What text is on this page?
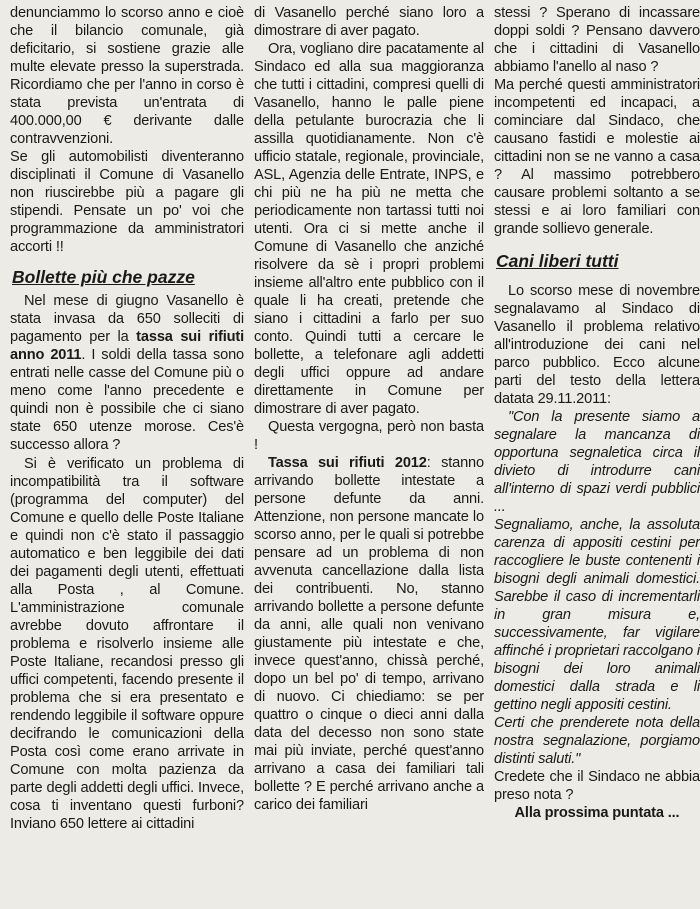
denunciammo lo scorso anno e cioè che il bilancio comunale, già deficitario, si sostiene grazie alle multe elevate presso la superstrada. Ricordiamo che per l'anno in corso è stata prevista un'entrata di 400.000,00 € derivante dalle contravvenzioni.

Se gli automobilisti diventeranno disciplinati il Comune di Vasanello non riuscirebbe più a pagare gli stipendi. Pensate un po' voi che programmazione da amministratori accorti !!

Bollette più che pazze

Nel mese di giugno Vasanello è stata invasa da 650 solleciti di pagamento per la tassa sui rifiuti anno 2011. I soldi della tassa sono entrati nelle casse del Comune più o meno come l'anno precedente e quindi non è possibile che ci siano state 650 utenze morose. Ces'è successo allora ?

Si è verificato un problema di incompatibilità tra il software (programma del computer) del Comune e quello delle Poste Italiane e quindi non c'è stato il passaggio automatico e ben leggibile dei dati dei pagamenti degli utenti, effettuati alla Posta , al Comune. L'amministrazione comunale avrebbe dovuto affrontare il problema e risolverlo insieme alle Poste Italiane, recandosi presso gli uffici competenti, facendo presente il problema che si era presentato e rendendo leggibile il software oppure decifrando le comunicazioni della Posta così come erano arrivate in Comune con molta pazienza da parte degli addetti degli uffici. Invece, cosa ti inventano questi furboni? Inviano 650 lettere ai cittadini

di Vasanello perché siano loro a dimostrare di aver pagato.

Ora, vogliano dire pacatamente al Sindaco ed alla sua maggioranza che tutti i cittadini, compresi quelli di Vasanello, hanno le palle piene della petulante burocrazia che li assilla quotidianamente. Non c'è ufficio statale, regionale, provinciale, ASL, Agenzia delle Entrate, INPS, e chi più ne ha più ne metta che periodicamente non tartassi tutti noi utenti. Ora ci si mette anche il Comune di Vasanello che anziché risolvere da sè i propri problemi insieme all'altro ente pubblico con il quale li ha creati, pretende che siano i cittadini a farlo per suo conto. Quindi tutti a cercare le bollette, a telefonare agli addetti degli uffici oppure ad andare direttamente in Comune per dimostrare di aver pagato.

Questa vergogna, però non basta !

Tassa sui rifiuti 2012: stanno arrivando bollette intestate a persone defunte da anni. Attenzione, non persone mancate lo scorso anno, per le quali si potrebbe pensare ad un problema di non avvenuta cancellazione dalla lista dei contribuenti. No, stanno arrivando bollette a persone defunte da anni, alle quali non venivano giustamente più intestate e che, invece quest'anno, chissà perché, dopo un bel po' di tempo, arrivano di nuovo. Ci chiediamo: se per quattro o cinque o dieci anni dalla data del decesso non sono state mai più inviate, perché quest'anno arrivano a casa dei familiari tali bollette ? E perché arrivano anche a carico dei familiari

stessi ? Sperano di incassare doppi soldi ? Pensano davvero che i cittadini di Vasanello abbiamo l'anello al naso ?

Ma perché questi amministratori incompetenti ed incapaci, a cominciare dal Sindaco, che causano fastidi e molestie ai cittadini non se ne vanno a casa ? Al massimo potrebbero causare problemi soltanto a se stessi e ai loro familiari con grande sollievo generale.

Cani liberi tutti

Lo scorso mese di novembre segnalavamo al Sindaco di Vasanello il problema relativo all'introduzione dei cani nel parco pubblico. Ecco alcune parti del testo della lettera datata 29.11.2011:

"Con la presente siamo a segnalare la mancanza di opportuna segnaletica circa il divieto di introdurre cani all'interno di spazi verdi pubblici ...

Segnaliamo, anche, la assoluta carenza di appositi cestini per raccogliere le buste contenenti i bisogni degli animali domestici. Sarebbe il caso di incrementarli in gran misura e, successivamente, far vigilare affinché i proprietari raccolgano i bisogni dei loro animali domestici dalla strada e li gettino negli appositi cestini.

Certi che prenderete nota della nostra segnalazione, porgiamo distinti saluti."

Credete che il Sindaco ne abbia preso nota ?

Alla prossima puntata ...
